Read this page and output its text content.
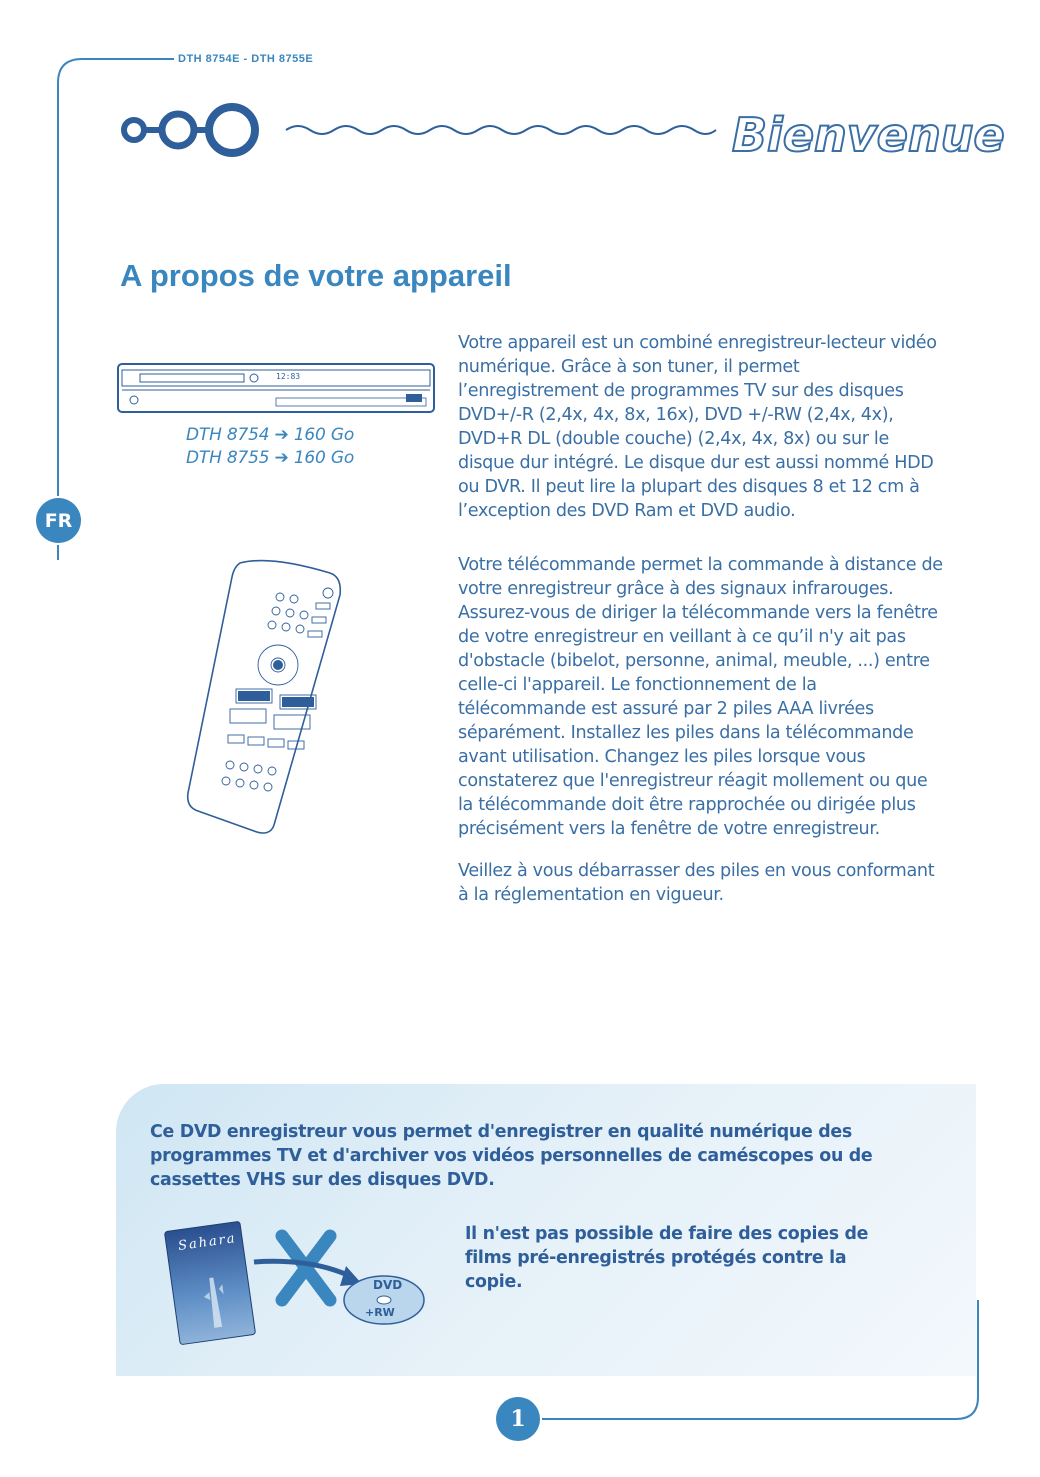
DTH 8754E - DTH 8755E
Bienvenue
A propos de votre appareil
12:83
DTH 8754 ➔ 160 Go
DTH 8755 ➔ 160 Go
FR
Votre appareil est un combiné enregistreur-lecteur vidéo numérique. Grâce à son tuner, il permet l’enregistrement de programmes TV sur des disques DVD+/-R (2,4x, 4x, 8x, 16x), DVD +/-RW (2,4x, 4x), DVD+R DL (double couche) (2,4x, 4x, 8x) ou sur le disque dur intégré. Le disque dur est aussi nommé HDD ou DVR. Il peut lire la plupart des disques 8 et 12 cm à l’exception des DVD Ram et DVD audio.
Votre télécommande permet la commande à distance de votre enregistreur grâce à des signaux infrarouges. Assurez-vous de diriger la télécommande vers la fenêtre de votre enregistreur en veillant à ce qu’il n'y ait pas d'obstacle (bibelot, personne, animal, meuble, ...) entre celle-ci l'appareil. Le fonctionnement de la télécommande est assuré par 2 piles AAA livrées séparément. Installez les piles dans la télécommande avant utilisation. Changez les piles lorsque vous constaterez que l'enregistreur réagit mollement ou que la télécommande doit être rapprochée ou dirigée plus précisément vers la fenêtre de votre enregistreur.
Veillez à vous débarrasser des piles en vous conformant à la réglementation en vigueur.
Ce DVD enregistreur vous permet d'enregistrer en qualité numérique des programmes TV et d'archiver vos vidéos personnelles de caméscopes ou de cassettes VHS sur des disques DVD.
Sahara
DVD
+RW
Il n'est pas possible de faire des copies de films pré-enregistrés protégés contre la copie.
1
